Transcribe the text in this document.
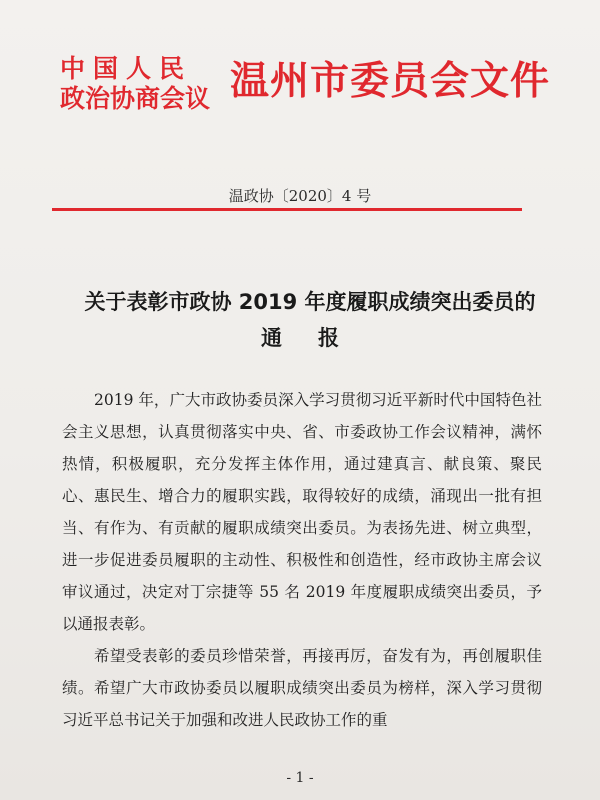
中国人民
政治协商会议 温州市委员会文件
温政协〔2020〕4 号
关于表彰市政协 2019 年度履职成绩突出委员的
通报

2019 年，广大市政协委员深入学习贯彻习近平新时代中国特色社会主义思想，认真贯彻落实中央、省、市委政协工作会议精神，满怀热情，积极履职，充分发挥主体作用，通过建真言、献良策、聚民心、惠民生、增合力的履职实践，取得较好的成绩，涌现出一批有担当、有作为、有贡献的履职成绩突出委员。为表扬先进、树立典型，进一步促进委员履职的主动性、积极性和创造性，经市政协主席会议审议通过，决定对丁宗捷等 55 名 2019 年度履职成绩突出委员，予以通报表彰。

希望受表彰的委员珍惜荣誉，再接再厉，奋发有为，再创履职佳绩。希望广大市政协委员以履职成绩突出委员为榜样，深入学习贯彻习近平总书记关于加强和改进人民政协工作的重

- 1 -
